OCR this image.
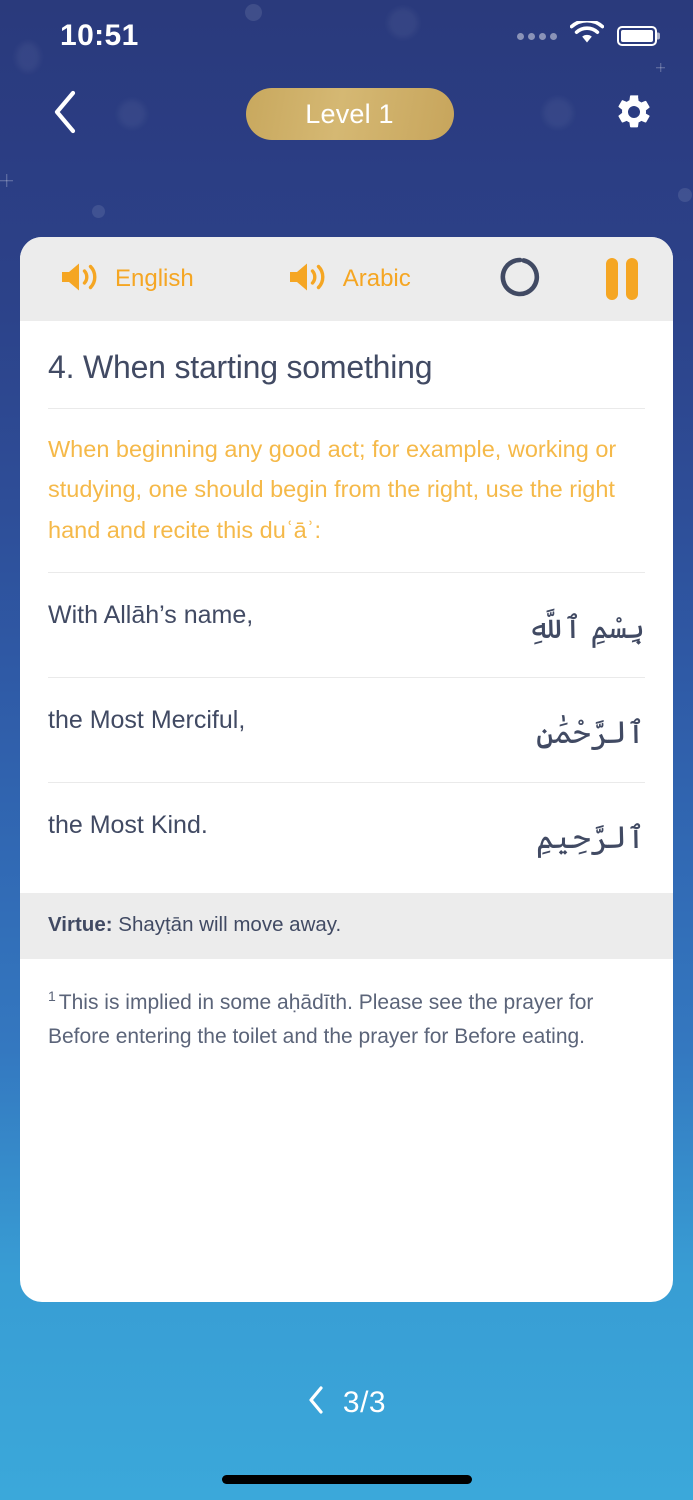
10:51
Level 1
English	Arabic
4. When starting something
When beginning any good act; for example, working or studying, one should begin from the right, use the right hand and recite this duʿāʾ:
With Allāh’s name,	بِسْمِ ٱللَّهِ
the Most Merciful,	ٱلرَّحْمَٰنِ
the Most Kind.	ٱلرَّحِيمِ
Virtue: Shayṭān will move away.
$^1$ This is implied in some aḥādīth. Please see the prayer for Before entering the toilet and the prayer for Before eating.
3/3
